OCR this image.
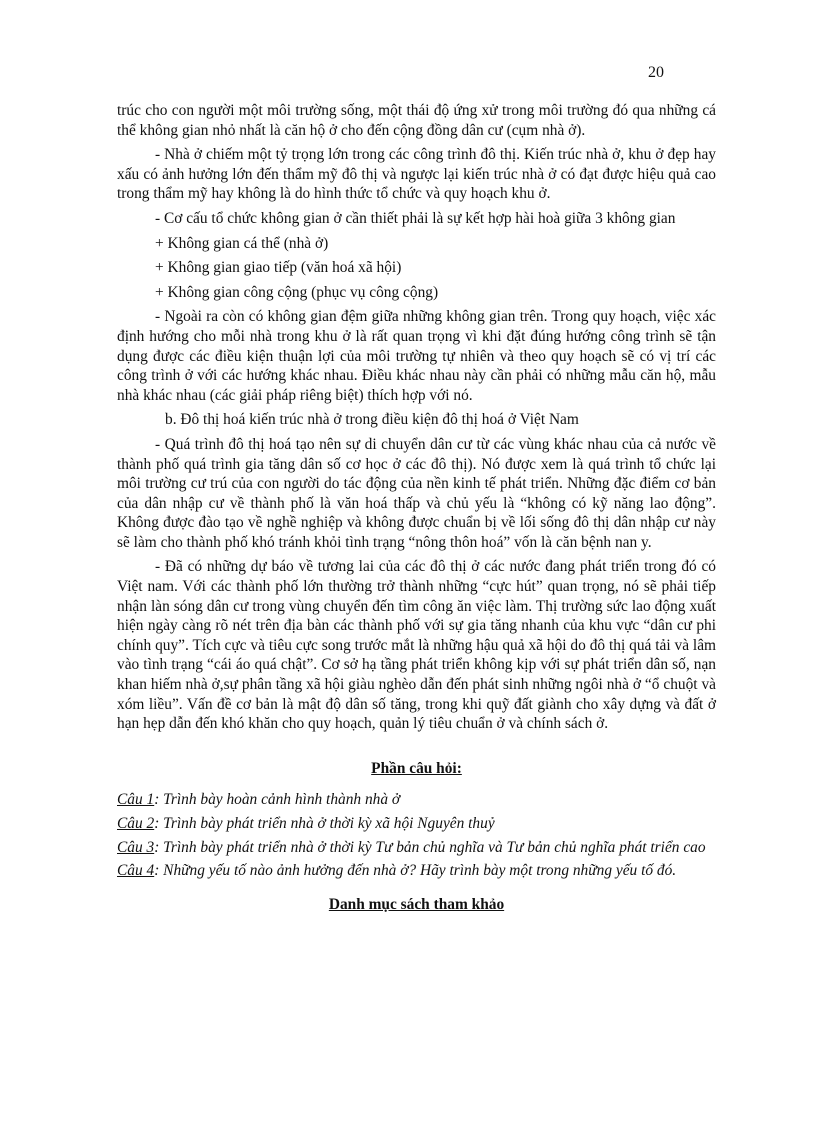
20

trúc cho con người một môi trường sống, một thái độ ứng xử trong môi trường đó qua những cá thể không gian nhỏ nhất là căn hộ ở cho đến cộng đồng dân cư (cụm nhà ở).

- Nhà ở chiếm một tỷ trọng lớn trong các công trình đô thị. Kiến trúc nhà ở, khu ở đẹp hay xấu có ảnh hưởng lớn đến thẩm mỹ đô thị và ngược lại kiến trúc nhà ở có đạt được hiệu quả cao trong thẩm mỹ hay không là do hình thức tổ chức và quy hoạch khu ở.

- Cơ cấu tổ chức không gian ở cần thiết phải là sự kết hợp hài hoà giữa 3 không gian

+ Không gian cá thể (nhà ở)

+ Không gian giao tiếp (văn hoá xã hội)

+ Không gian công cộng (phục vụ công cộng)

- Ngoài ra còn có không gian đệm giữa những không gian trên. Trong quy hoạch, việc xác định hướng cho mỗi nhà trong khu ở là rất quan trọng vì khi đặt đúng hướng công trình sẽ tận dụng được các điều kiện thuận lợi của môi trường tự nhiên và theo quy hoạch sẽ có vị trí các công trình ở với các hướng khác nhau. Điều khác nhau này cần phải có những mẫu căn hộ, mẫu nhà khác nhau (các giải pháp riêng biệt) thích hợp với nó.

b. Đô thị hoá kiến trúc nhà ở trong điều kiện đô thị hoá ở Việt Nam

- Quá trình đô thị hoá tạo nên sự di chuyển dân cư từ các vùng khác nhau của cả nước về thành phố quá trình gia tăng dân số cơ học ở các đô thị). Nó được xem là quá trình tổ chức lại môi trường cư trú của con người do tác động của nền kinh tế phát triển. Những đặc điểm cơ bản của dân nhập cư về thành phố là văn hoá thấp và chủ yếu là “không có kỹ năng lao động”. Không được đào tạo về nghề nghiệp và không được chuẩn bị về lối sống đô thị dân nhập cư này sẽ làm cho thành phố khó tránh khỏi tình trạng “nông thôn hoá” vốn là căn bệnh nan y.

- Đã có những dự báo về tương lai của các đô thị ở các nước đang phát triển trong đó có Việt nam. Với các thành phố lớn thường trở thành những “cực hút” quan trọng, nó sẽ phải tiếp nhận làn sóng dân cư trong vùng chuyển đến tìm công ăn việc làm. Thị trường sức lao động xuất hiện ngày càng rõ nét trên địa bàn các thành phố với sự gia tăng nhanh của khu vực “dân cư phi chính quy”. Tích cực và tiêu cực song trước mắt là những hậu quả xã hội do đô thị quá tải và lâm vào tình trạng “cái áo quá chật”. Cơ sở hạ tầng phát triển không kịp với sự phát triển dân số, nạn khan hiếm nhà ở,sự phân tầng xã hội giàu nghèo dẫn đến phát sinh những ngôi nhà ở “ổ chuột và xóm liều”. Vấn đề cơ bản là mật độ dân số tăng, trong khi quỹ đất giành cho xây dựng và đất ở hạn hẹp dẫn đến khó khăn cho quy hoạch, quản lý tiêu chuẩn ở và chính sách ở.

Phần câu hỏi:

Câu 1: Trình bày hoàn cảnh hình thành nhà ở

Câu 2: Trình bày phát triển nhà ở thời kỳ xã hội Nguyên thuỷ

Câu 3: Trình bày phát triển nhà ở thời kỳ Tư bản chủ nghĩa và Tư bản chủ nghĩa phát triển cao

Câu 4: Những yếu tố nào ảnh hưởng đến nhà ở? Hãy trình bày một trong những yếu tố đó.

Danh mục sách tham khảo
